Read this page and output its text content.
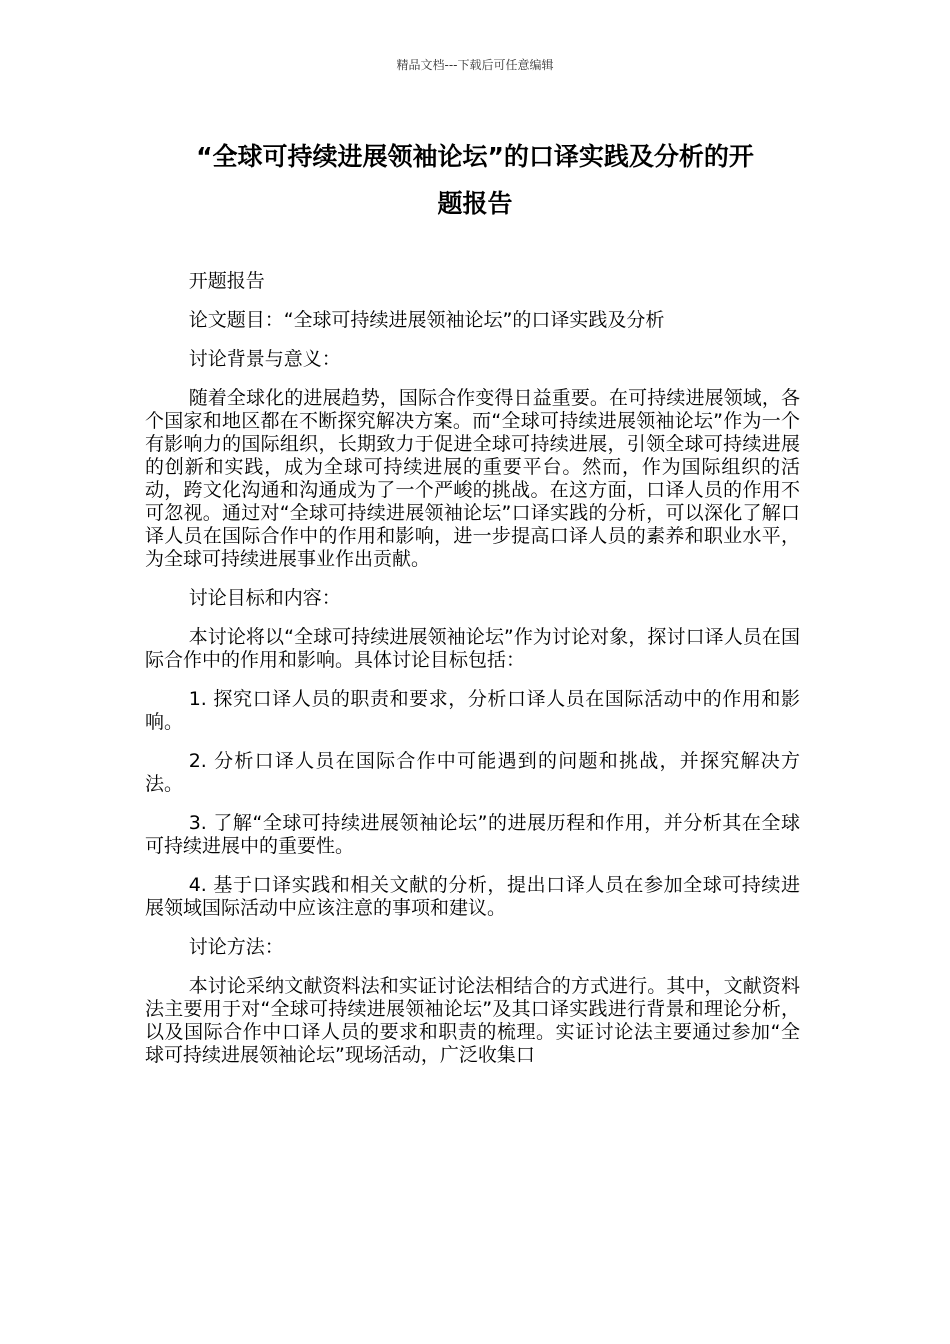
精品文档---下载后可任意编辑
“全球可持续进展领袖论坛”的口译实践及分析的开
题报告

开题报告

论文题目：“全球可持续进展领袖论坛”的口译实践及分析

讨论背景与意义：

随着全球化的进展趋势，国际合作变得日益重要。在可持续进展领域，各个国家和地区都在不断探究解决方案。而“全球可持续进展领袖论坛”作为一个有影响力的国际组织，长期致力于促进全球可持续进展，引领全球可持续进展的创新和实践，成为全球可持续进展的重要平台。然而，作为国际组织的活动，跨文化沟通和沟通成为了一个严峻的挑战。在这方面，口译人员的作用不可忽视。通过对“全球可持续进展领袖论坛”口译实践的分析，可以深化了解口译人员在国际合作中的作用和影响，进一步提高口译人员的素养和职业水平，为全球可持续进展事业作出贡献。

讨论目标和内容：

本讨论将以“全球可持续进展领袖论坛”作为讨论对象，探讨口译人员在国际合作中的作用和影响。具体讨论目标包括：

1. 探究口译人员的职责和要求，分析口译人员在国际活动中的作用和影响。

2. 分析口译人员在国际合作中可能遇到的问题和挑战，并探究解决方法。

3. 了解“全球可持续进展领袖论坛”的进展历程和作用，并分析其在全球可持续进展中的重要性。

4. 基于口译实践和相关文献的分析，提出口译人员在参加全球可持续进展领域国际活动中应该注意的事项和建议。

讨论方法：

本讨论采纳文献资料法和实证讨论法相结合的方式进行。其中，文献资料法主要用于对“全球可持续进展领袖论坛”及其口译实践进行背景和理论分析，以及国际合作中口译人员的要求和职责的梳理。实证讨论法主要通过参加“全球可持续进展领袖论坛”现场活动，广泛收集口
